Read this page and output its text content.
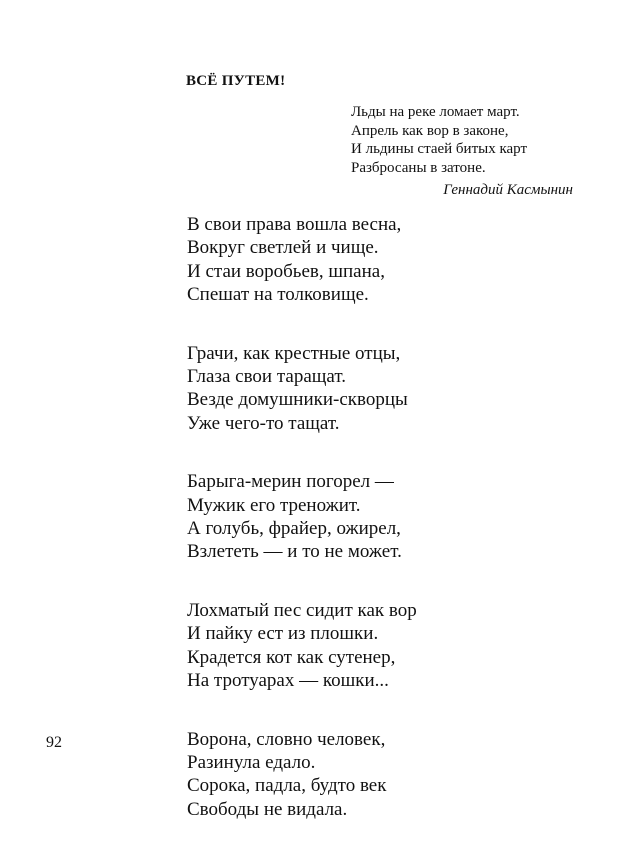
ВСЁ ПУТЕМ!
Льды на реке ломает март.
Апрель как вор в законе,
И льдины стаей битых карт
Разбросаны в затоне.
Геннадий Касмынин
В свои права вошла весна,
Вокруг светлей и чище.
И стаи воробьев, шпана,
Спешат на толковище.
Грачи, как крестные отцы,
Глаза свои таращат.
Везде домушники-скворцы
Уже чего-то тащат.
Барыга-мерин погорел —
Мужик его треножит.
А голубь, фрайер, ожирел,
Взлететь — и то не может.
Лохматый пес сидит как вор
И пайку ест из плошки.
Крадется кот как сутенер,
На тротуарах — кошки...
Ворона, словно человек,
Разинула едало.
Сорока, падла, будто век
Свободы не видала.
92
